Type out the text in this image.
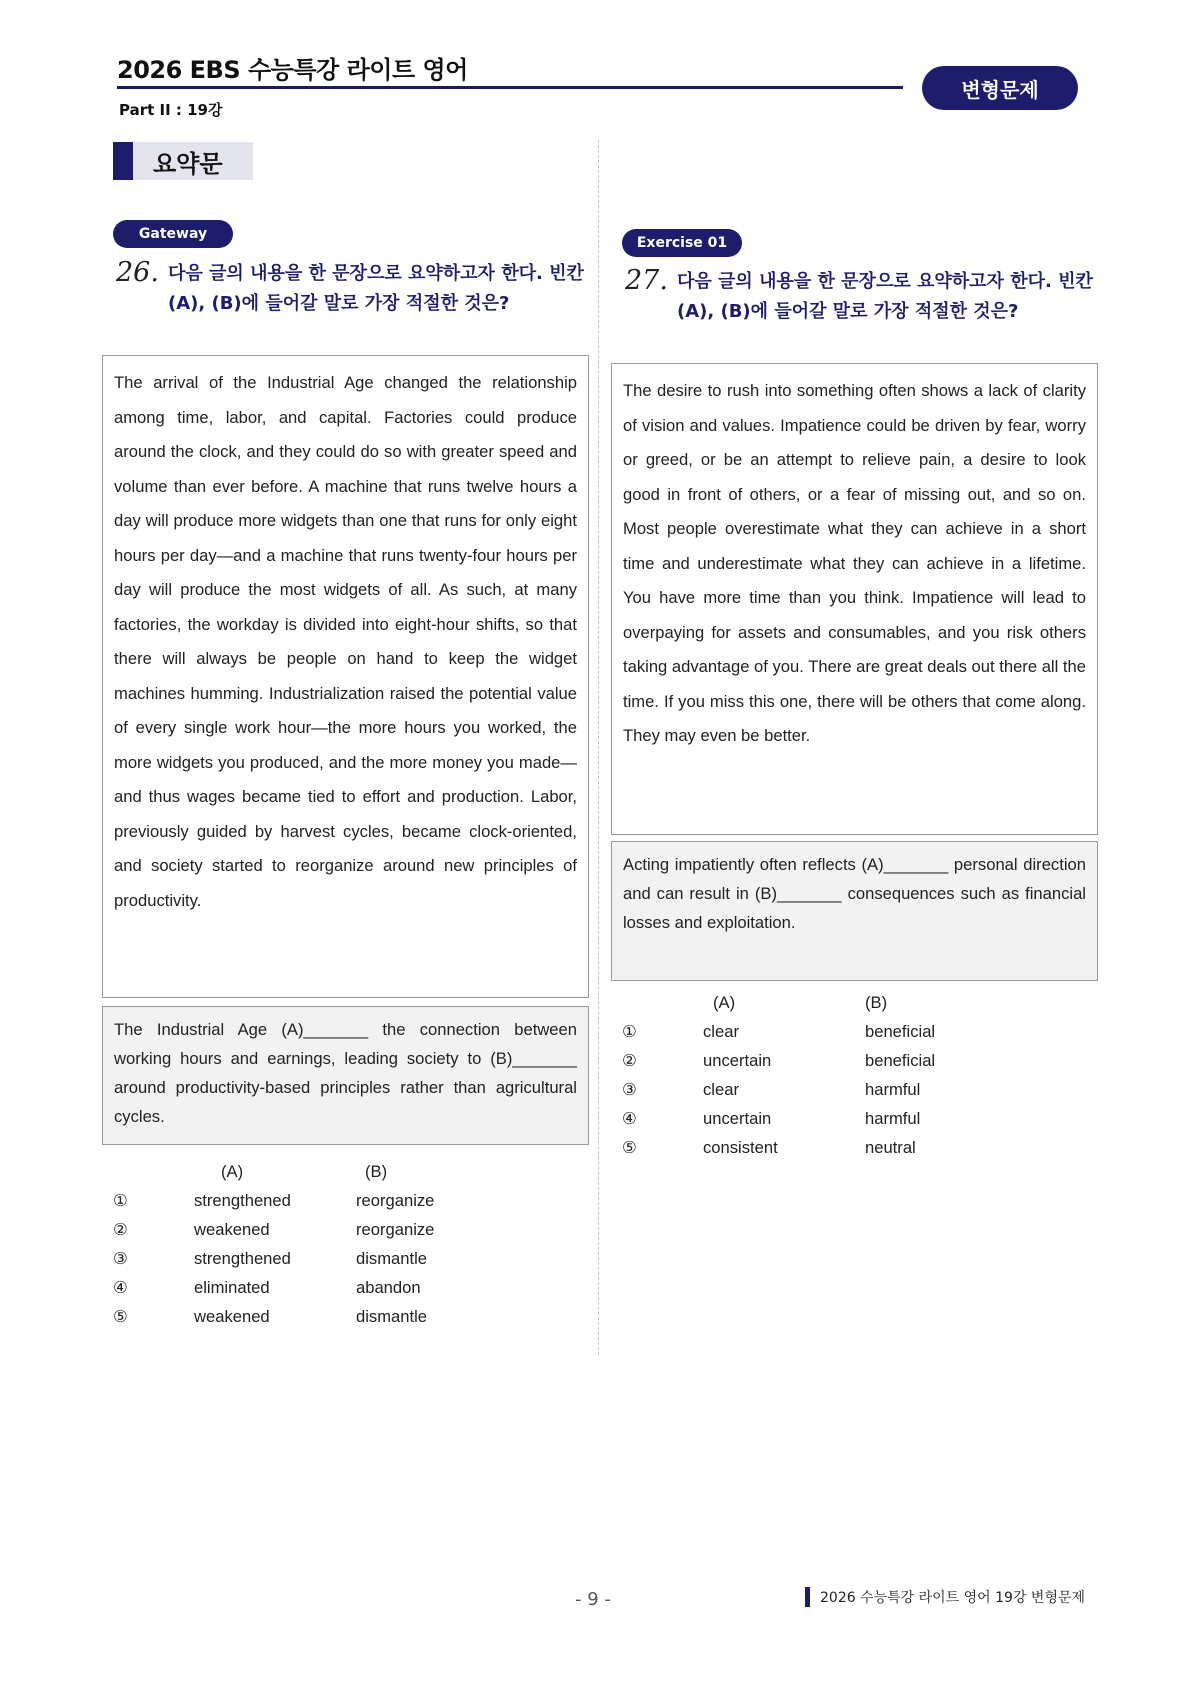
2026 EBS 수능특강 라이트 영어
Part II : 19강
변형문제
요약문
Gateway
26. 다음 글의 내용을 한 문장으로 요약하고자 한다. 빈칸
(A), (B)에 들어갈 말로 가장 적절한 것은?
The arrival of the Industrial Age changed the relationship among time, labor, and capital. Factories could produce around the clock, and they could do so with greater speed and volume than ever before. A machine that runs twelve hours a day will produce more widgets than one that runs for only eight hours per day—and a machine that runs twenty-four hours per day will produce the most widgets of all. As such, at many factories, the workday is divided into eight-hour shifts, so that there will always be people on hand to keep the widget machines humming. Industrialization raised the potential value of every single work hour—the more hours you worked, the more widgets you produced, and the more money you made—and thus wages became tied to effort and production. Labor, previously guided by harvest cycles, became clock-oriented, and society started to reorganize around new principles of productivity.
The Industrial Age (A)_______ the connection between working hours and earnings, leading society to (B)_______ around productivity-based principles rather than agricultural cycles.
(A)	(B)
①	strengthened	reorganize
②	weakened	reorganize
③	strengthened	dismantle
④	eliminated	abandon
⑤	weakened	dismantle
Exercise 01
27. 다음 글의 내용을 한 문장으로 요약하고자 한다. 빈칸
(A), (B)에 들어갈 말로 가장 적절한 것은?
The desire to rush into something often shows a lack of clarity of vision and values. Impatience could be driven by fear, worry or greed, or be an attempt to relieve pain, a desire to look good in front of others, or a fear of missing out, and so on. Most people overestimate what they can achieve in a short time and underestimate what they can achieve in a lifetime. You have more time than you think. Impatience will lead to overpaying for assets and consumables, and you risk others taking advantage of you. There are great deals out there all the time. If you miss this one, there will be others that come along. They may even be better.
Acting impatiently often reflects (A)_______ personal direction and can result in (B)_______ consequences such as financial losses and exploitation.
(A)	(B)
①	clear	beneficial
②	uncertain	beneficial
③	clear	harmful
④	uncertain	harmful
⑤	consistent	neutral
- 9 -	2026 수능특강 라이트 영어 19강 변형문제
